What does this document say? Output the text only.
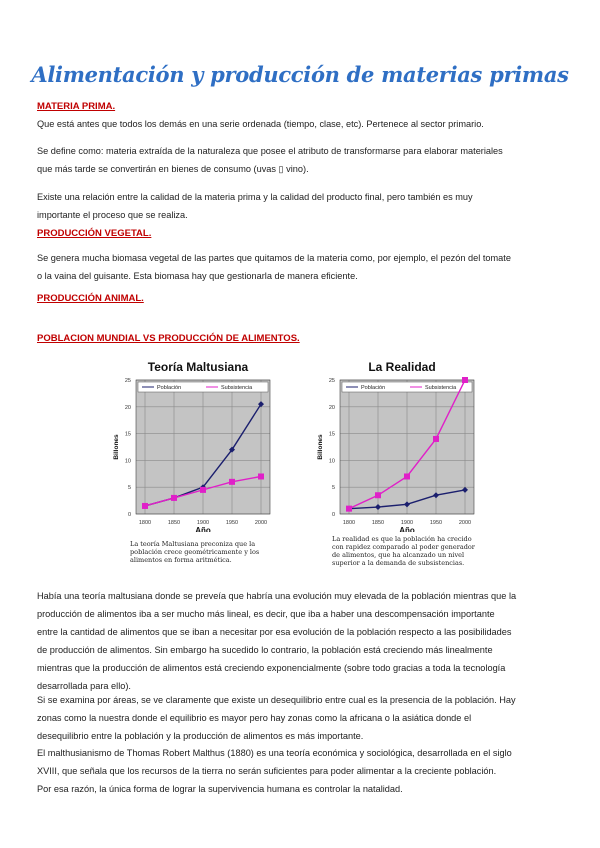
Alimentación y producción de materias primas
MATERIA PRIMA.
Que está antes que todos los demás en una serie ordenada (tiempo, clase, etc). Pertenece al sector primario.
Se define como: materia extraída de la naturaleza que posee el atributo de transformarse para elaborar materiales
que más tarde se convertirán en bienes de consumo (uvas ▯ vino).
Existe una relación entre la calidad de la materia prima y la calidad del producto final, pero también es muy
importante el proceso que se realiza.
PRODUCCIÓN VEGETAL.
Se genera mucha biomasa vegetal de las partes que quitamos de la materia como, por ejemplo, el pezón del tomate
o la vaina del guisante. Esta biomasa hay que gestionarla de manera eficiente.
PRODUCCIÓN ANIMAL.
POBLACION MUNDIAL VS PRODUCCIÓN DE ALIMENTOS.
Teoría Maltusiana
0
5
10
15
20
25
1800	1850	1900	1950	2000
Billones
Año
Población	Subsistencia
La teoría Maltusiana preconiza que la población crece geométricamente y los alimentos en forma aritmética.
La Realidad
0
5
10
15
20
25
1800	1850	1900	1950	2000
Billones
Año
Población	Subsistencia
La realidad es que la población ha crecido con rapidez comparado al poder generador de alimentos, que ha alcanzado un nivel superior a la demanda de subsistencias.
Había una teoría maltusiana donde se preveía que habría una evolución muy elevada de la población mientras que la
producción de alimentos iba a ser mucho más lineal, es decir, que iba a haber una descompensación importante
entre la cantidad de alimentos que se iban a necesitar por esa evolución de la población respecto a las posibilidades
de producción de alimentos. Sin embargo ha sucedido lo contrario, la población está creciendo más linealmente
mientras que la producción de alimentos está creciendo exponencialmente (sobre todo gracias a toda la tecnología
desarrollada para ello).
Si se examina por áreas, se ve claramente que existe un desequilibrio entre cual es la presencia de la población. Hay
zonas como la nuestra donde el equilibrio es mayor pero hay zonas como la africana o la asiática donde el
desequilibrio entre la población y la producción de alimentos es más importante.
El malthusianismo de Thomas Robert Malthus (1880) es una teoría económica y sociológica, desarrollada en el siglo
XVIII, que señala que los recursos de la tierra no serán suficientes para poder alimentar a la creciente población.
Por esa razón, la única forma de lograr la supervivencia humana es controlar la natalidad.
